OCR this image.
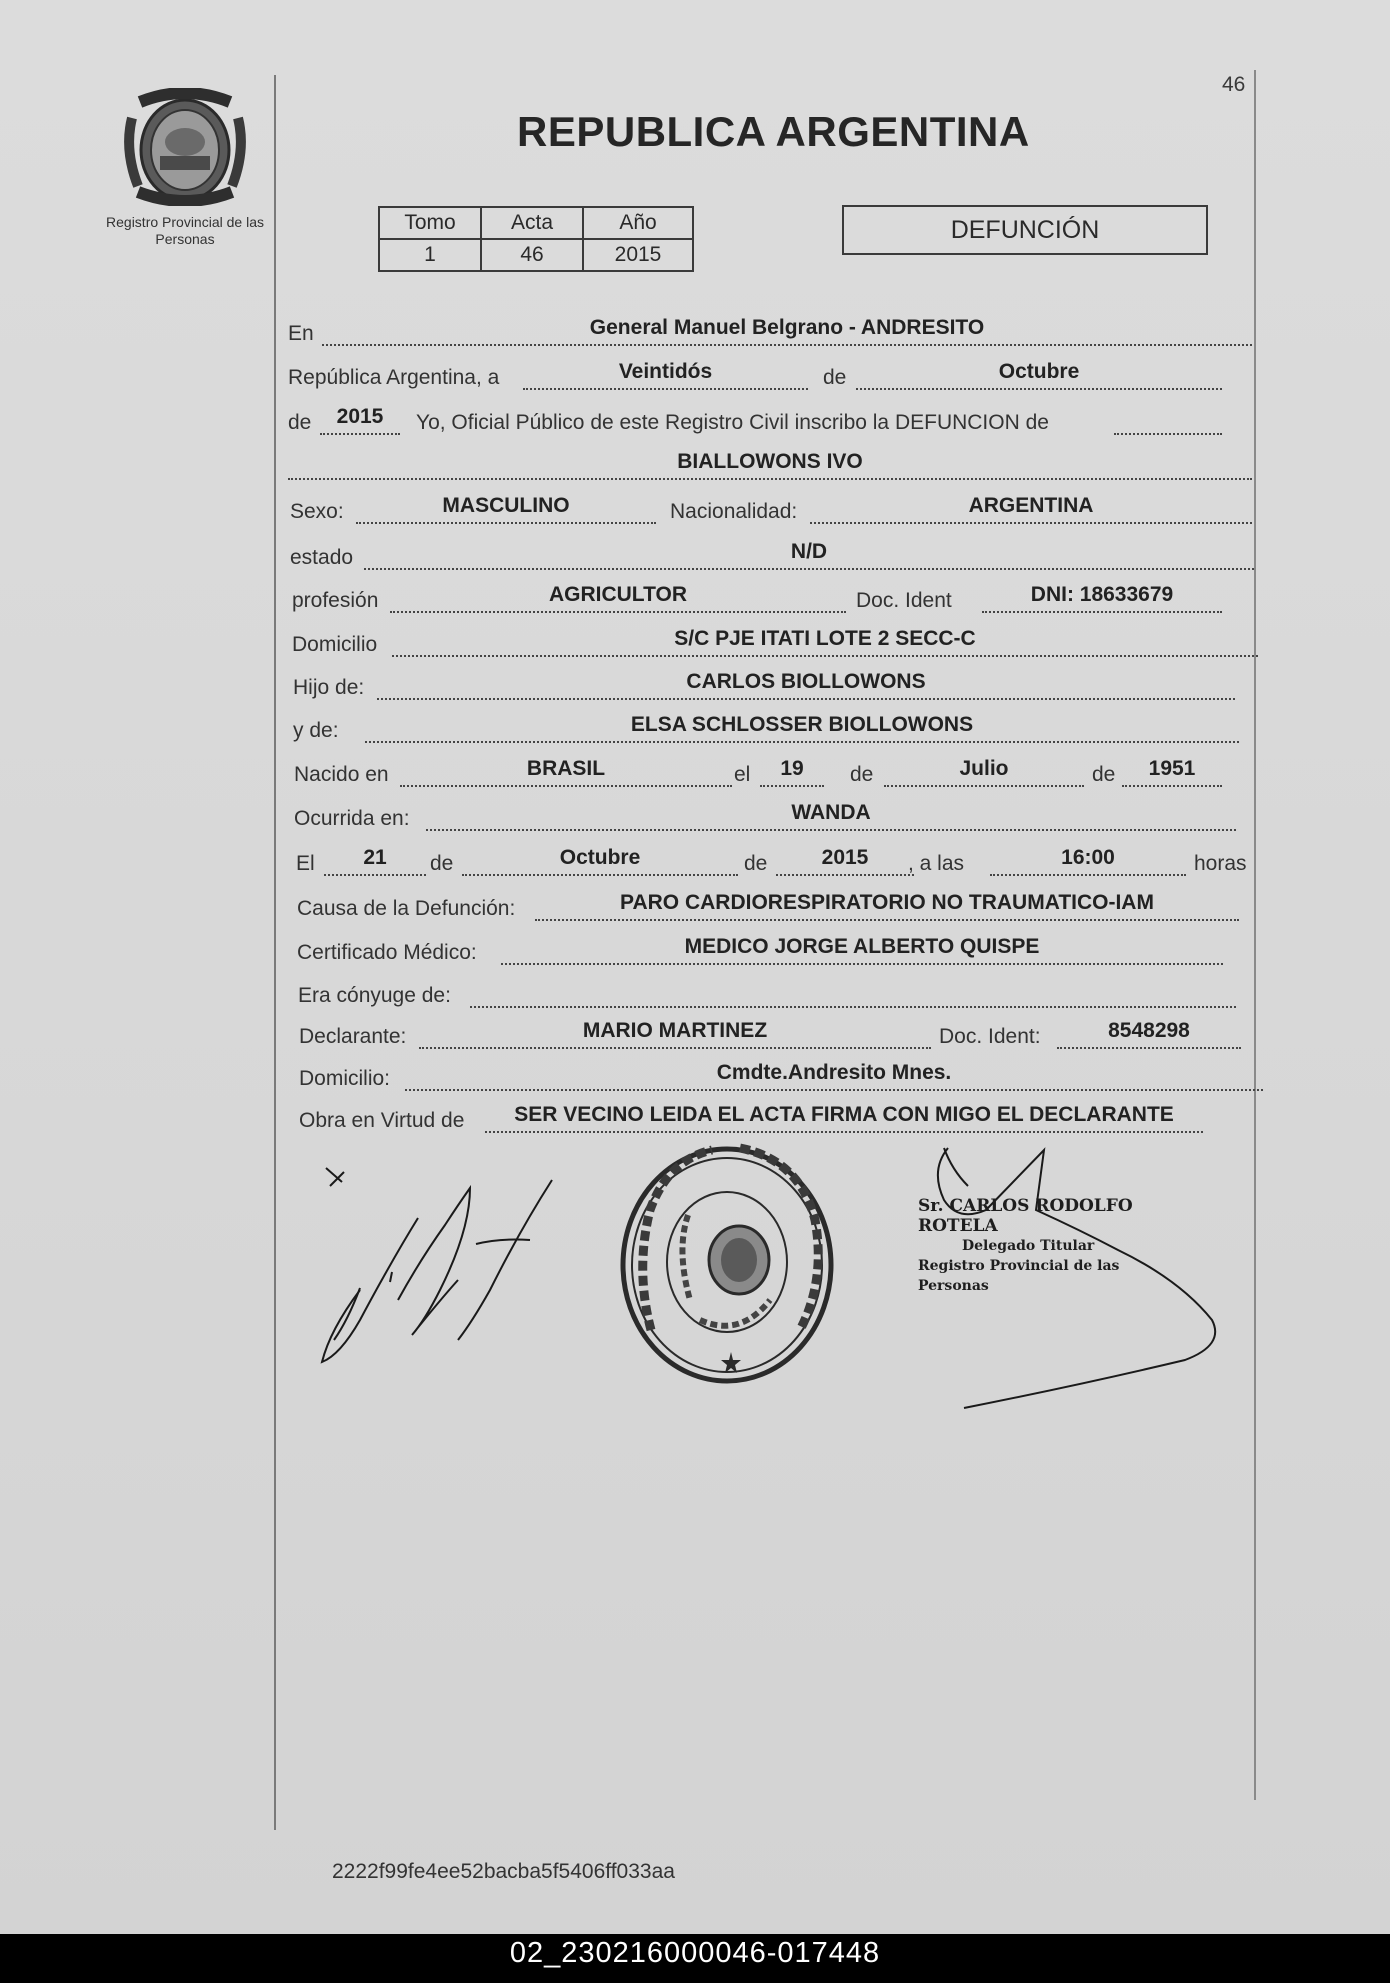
46
Registro Provincial de las Personas
REPUBLICA ARGENTINA
Tomo	Acta	Año
1	46	2015
DEFUNCIÓN
En	General Manuel Belgrano - ANDRESITO
República Argentina, a	Veintidós	de	Octubre
de	2015	Yo, Oficial Público de este Registro Civil inscribo la DEFUNCION de
BIALLOWONS IVO
Sexo:	MASCULINO	Nacionalidad:	ARGENTINA
estado	N/D
profesión	AGRICULTOR	Doc. Ident	DNI: 18633679
Domicilio	S/C PJE ITATI LOTE 2 SECC-C
Hijo de:	CARLOS BIOLLOWONS
y de:	ELSA SCHLOSSER BIOLLOWONS
Nacido en	BRASIL	el	19	de	Julio	de	1951
Ocurrida en:	WANDA
El	21	de	Octubre	de	2015	, a las	16:00	horas
Causa de la Defunción:	PARO CARDIORESPIRATORIO NO TRAUMATICO-IAM
Certificado Médico:	MEDICO JORGE ALBERTO QUISPE
Era cónyuge de:
Declarante:	MARIO MARTINEZ	Doc. Ident:	8548298
Domicilio:	Cmdte.Andresito Mnes.
Obra en Virtud de	SER VECINO LEIDA EL ACTA FIRMA CON MIGO EL DECLARANTE
Sr. CARLOS RODOLFO ROTELA
Delegado Titular
Registro Provincial de las Personas
2222f99fe4ee52bacba5f5406ff033aa
02_230216000046-017448
